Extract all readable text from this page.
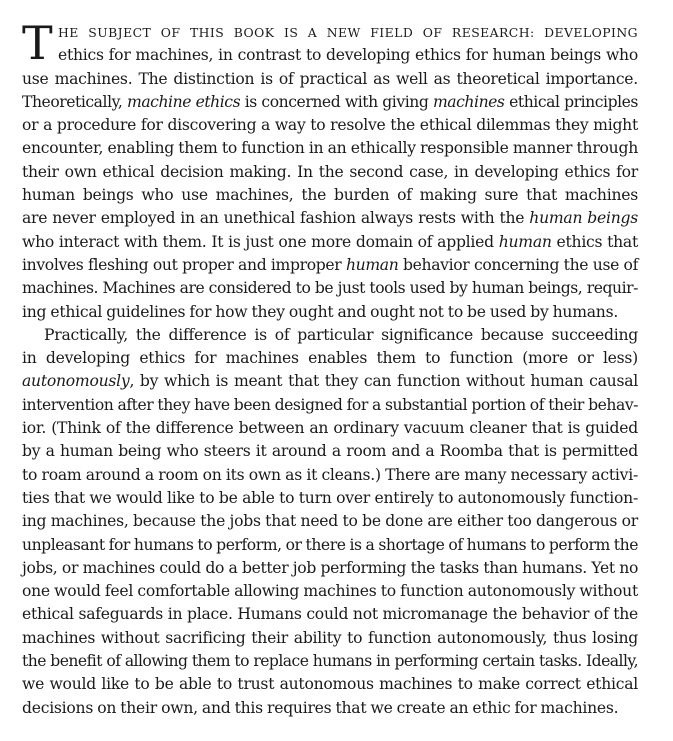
T HE SUBJECT OF THIS BOOK IS A NEW FIELD OF RESEARCH: DEVELOPING
ethics for machines, in contrast to developing ethics for human beings who
use machines. The distinction is of practical as well as theoretical importance.
Theoretically, machine ethics is concerned with giving machines ethical principles
or a procedure for discovering a way to resolve the ethical dilemmas they might
encounter, enabling them to function in an ethically responsible manner through
their own ethical decision making. In the second case, in developing ethics for
human beings who use machines, the burden of making sure that machines
are never employed in an unethical fashion always rests with the human beings
who interact with them. It is just one more domain of applied human ethics that
involves fleshing out proper and improper human behavior concerning the use of
machines. Machines are considered to be just tools used by human beings, requir-
ing ethical guidelines for how they ought and ought not to be used by humans.
Practically, the difference is of particular significance because succeeding
in developing ethics for machines enables them to function (more or less)
autonomously, by which is meant that they can function without human causal
intervention after they have been designed for a substantial portion of their behav-
ior. (Think of the difference between an ordinary vacuum cleaner that is guided
by a human being who steers it around a room and a Roomba that is permitted
to roam around a room on its own as it cleans.) There are many necessary activi-
ties that we would like to be able to turn over entirely to autonomously function-
ing machines, because the jobs that need to be done are either too dangerous or
unpleasant for humans to perform, or there is a shortage of humans to perform the
jobs, or machines could do a better job performing the tasks than humans. Yet no
one would feel comfortable allowing machines to function autonomously without
ethical safeguards in place. Humans could not micromanage the behavior of the
machines without sacrificing their ability to function autonomously, thus losing
the benefit of allowing them to replace humans in performing certain tasks. Ideally,
we would like to be able to trust autonomous machines to make correct ethical
decisions on their own, and this requires that we create an ethic for machines.
